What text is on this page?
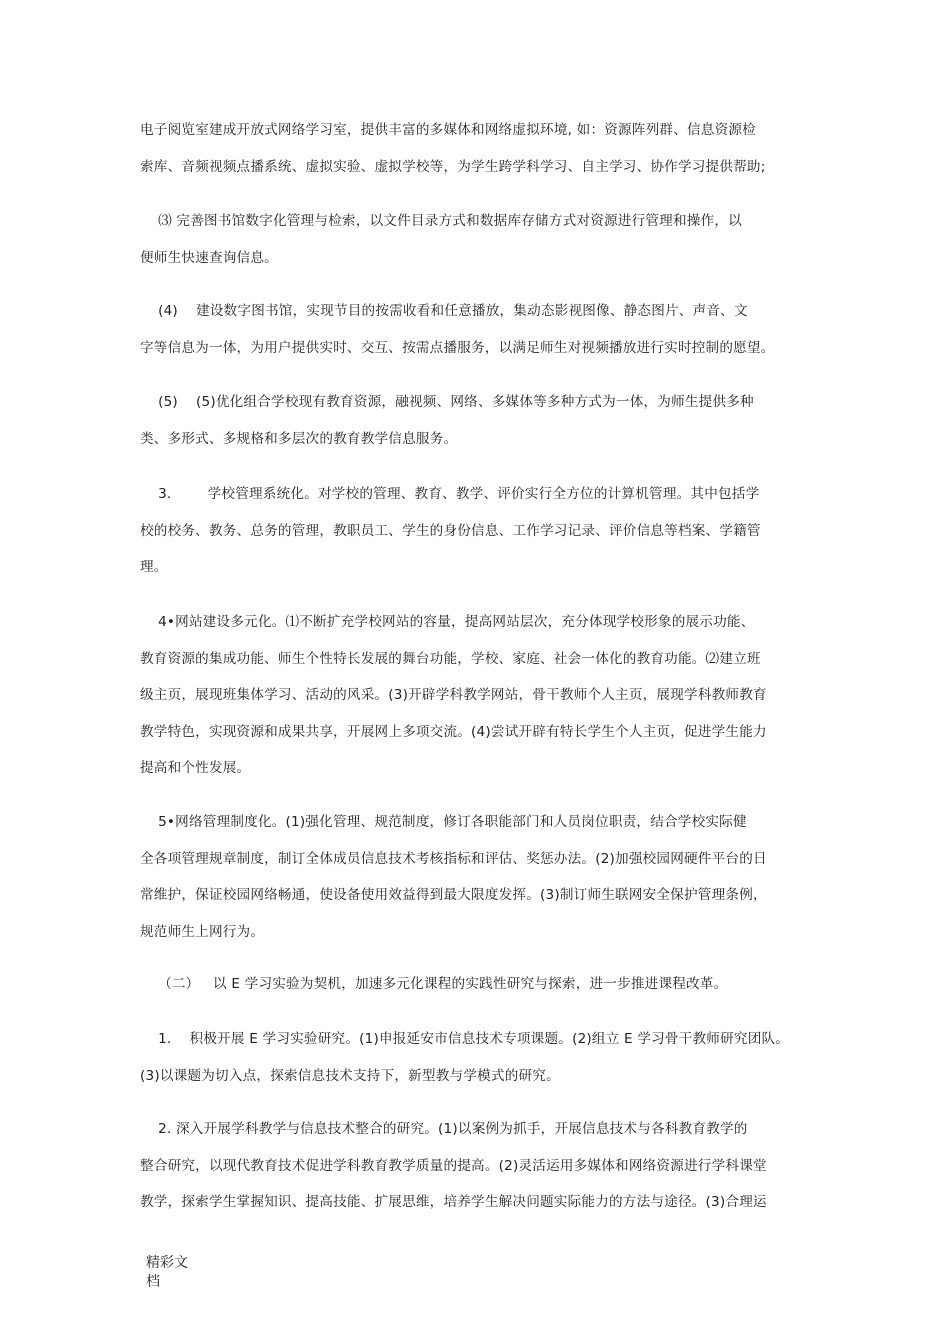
电子阅览室建成开放式网络学习室，提供丰富的多媒体和网络虚拟环境, 如：资源阵列群、信息资源检
索库、音频视频点播系统、虚拟实验、虚拟学校等，为学生跨学科学习、自主学习、协作学习提供帮助;

⑶ 完善图书馆数字化管理与检索，以文件目录方式和数据库存储方式对资源进行管理和操作，以
便师生快速查询信息。

(4)    建设数字图书馆，实现节目的按需收看和任意播放，集动态影视图像、静态图片、声音、文
字等信息为一体，为用户提供实时、交互、按需点播服务，以满足师生对视频播放进行实时控制的愿望。

(5)    (5)优化组合学校现有教育资源，融视频、网络、多媒体等多种方式为一体，为师生提供多种
类、多形式、多规格和多层次的教育教学信息服务。

3.        学校管理系统化。对学校的管理、教育、教学、评价实行全方位的计算机管理。其中包括学
校的校务、教务、总务的管理，教职员工、学生的身份信息、工作学习记录、评价信息等档案、学籍管
理。

4•网站建设多元化。⑴不断扩充学校网站的容量，提高网站层次，充分体现学校形象的展示功能、
教育资源的集成功能、师生个性特长发展的舞台功能，学校、家庭、社会一体化的教育功能。⑵建立班
级主页，展现班集体学习、活动的风采。(3)开辟学科教学网站，骨干教师个人主页，展现学科教师教育
教学特色，实现资源和成果共享，开展网上多项交流。(4)尝试开辟有特长学生个人主页，促进学生能力
提高和个性发展。

5•网络管理制度化。(1)强化管理、规范制度，修订各职能部门和人员岗位职责，结合学校实际健
全各项管理规章制度，制订全体成员信息技术考核指标和评估、奖惩办法。(2)加强校园网硬件平台的日
常维护，保证校园网络畅通，使设备使用效益得到最大限度发挥。(3)制订师生联网安全保护管理条例，
规范师生上网行为。

（二）   以 E 学习实验为契机，加速多元化课程的实践性研究与探索，进一步推进课程改革。

1.    积极开展 E 学习实验研究。(1)申报延安市信息技术专项课题。(2)组立 E 学习骨干教师研究团队。
(3)以课题为切入点，探索信息技术支持下，新型教与学模式的研究。

2. 深入开展学科教学与信息技术整合的研究。(1)以案例为抓手，开展信息技术与各科教育教学的
整合研究，以现代教育技术促进学科教育教学质量的提高。(2)灵活运用多媒体和网络资源进行学科课堂
教学，探索学生掌握知识、提高技能、扩展思维，培养学生解决问题实际能力的方法与途径。(3)合理运

精彩文
档
